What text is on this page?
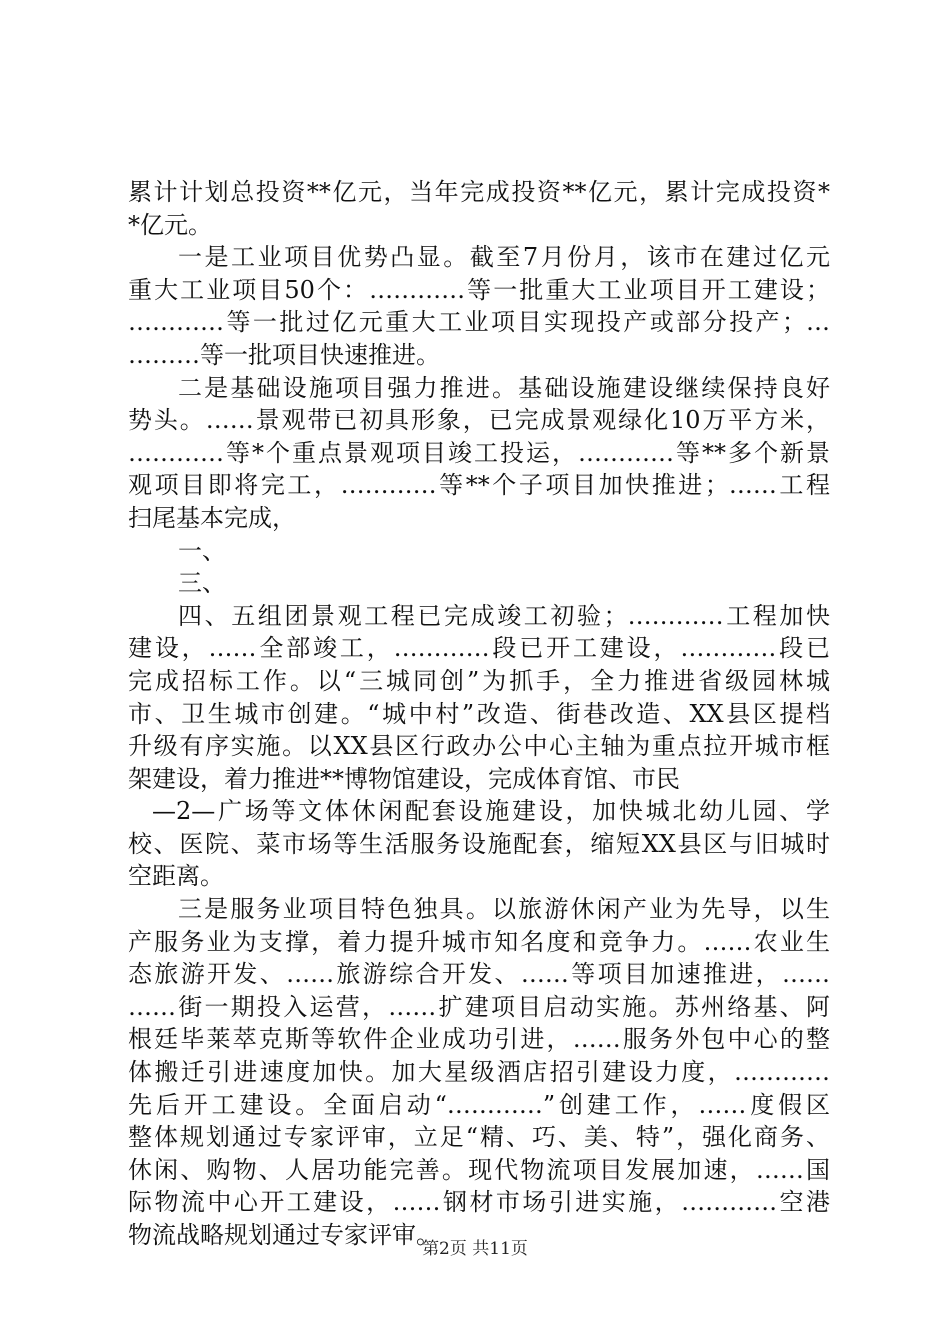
累计计划总投资**亿元，当年完成投资**亿元，累计完成投资*
*亿元。
一是工业项目优势凸显。截至7月份月，该市在建过亿元
重大工业项目50个：…………等一批重大工业项目开工建设；
…………等一批过亿元重大工业项目实现投产或部分投产；…
………等一批项目快速推进。
二是基础设施项目强力推进。基础设施建设继续保持良好
势头。……景观带已初具形象，已完成景观绿化10万平方米，
…………等*个重点景观项目竣工投运，…………等**多个新景
观项目即将完工，…………等**个子项目加快推进；……工程
扫尾基本完成，
一、
三、
四、五组团景观工程已完成竣工初验；…………工程加快
建设，……全部竣工，…………段已开工建设，…………段已
完成招标工作。以“三城同创”为抓手，全力推进省级园林城
市、卫生城市创建。“城中村”改造、街巷改造、XX县区提档
升级有序实施。以XX县区行政办公中心主轴为重点拉开城市框
架建设，着力推进**博物馆建设，完成体育馆、市民
—2—广场等文体休闲配套设施建设，加快城北幼儿园、学
校、医院、菜市场等生活服务设施配套，缩短XX县区与旧城时
空距离。
三是服务业项目特色独具。以旅游休闲产业为先导，以生
产服务业为支撑，着力提升城市知名度和竞争力。……农业生
态旅游开发、……旅游综合开发、……等项目加速推进，……
……街一期投入运营，……扩建项目启动实施。苏州络基、阿
根廷毕莱萃克斯等软件企业成功引进，……服务外包中心的整
体搬迁引进速度加快。加大星级酒店招引建设力度，…………
先后开工建设。全面启动“…………”创建工作，……度假区
整体规划通过专家评审，立足“精、巧、美、特”，强化商务、
休闲、购物、人居功能完善。现代物流项目发展加速，……国
际物流中心开工建设，……钢材市场引进实施，…………空港
物流战略规划通过专家评审。
第2页 共11页
